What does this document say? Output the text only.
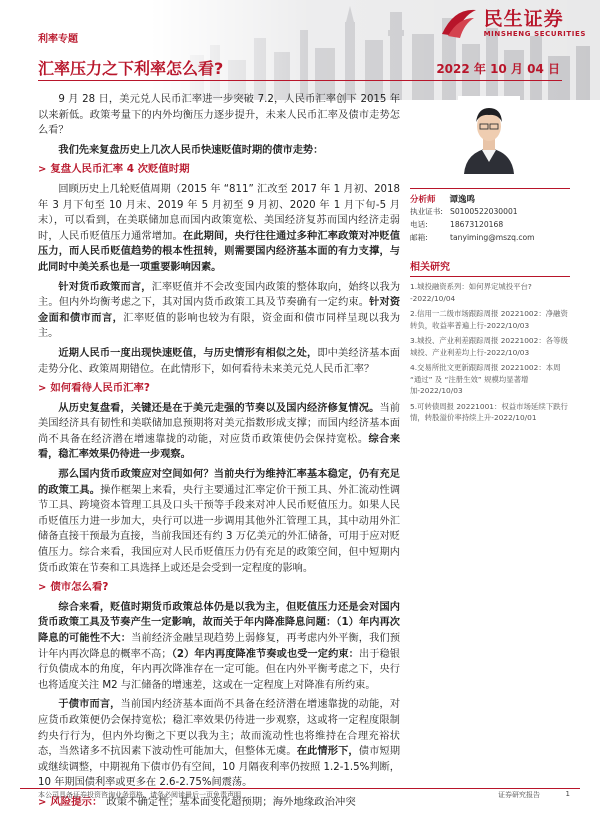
民生证券
MINSHENG SECURITIES
利率专题
汇率压力之下利率怎么看?	2022 年 10 月 04 日

9 月 28 日，美元兑人民币汇率进一步突破 7.2，人民币汇率创下 2015 年以来新低。政策考量下的内外均衡压力逐步提升，未来人民币汇率及债市走势怎么看？

我们先来复盘历史上几次人民币快速贬值时期的债市走势：

> 复盘人民币汇率 4 次贬值时期

回顾历史上几轮贬值周期（2015 年 “811” 汇改至 2017 年 1 月初、2018 年 3 月下旬至 10 月末、2019 年 5 月初至 9 月初、2020 年 1 月下旬-5 月末），可以看到，在美联储加息而国内政策宽松、美国经济复苏而国内经济走弱时，人民币贬值压力通常增加。在此期间，央行往往通过多种汇率政策对冲贬值压力，而人民币贬值趋势的根本性扭转，则需要国内经济基本面的有力支撑，与此同时中美关系也是一项重要影响因素。

针对货币政策而言，汇率贬值并不会改变国内政策的整体取向，始终以我为主。但内外均衡考虑之下，其对国内货币政策工具及节奏确有一定约束。针对资金面和债市而言，汇率贬值的影响也较为有限，资金面和债市同样呈现以我为主。

近期人民币一度出现快速贬值，与历史情形有相似之处，即中美经济基本面走势分化、政策周期错位。在此情形下，如何看待未来美元兑人民币汇率？

> 如何看待人民币汇率?

从历史复盘看，关键还是在于美元走强的节奏以及国内经济修复情况。当前美国经济具有韧性和美联储加息预期将对美元指数形成支撑；而国内经济基本面尚不具备在经济潜在增速靠拢的动能，对应货币政策使仍会保持宽松。综合来看，稳汇率效果仍待进一步观察。

那么国内货币政策应对空间如何？当前央行为维持汇率基本稳定，仍有充足的政策工具。操作框架上来看，央行主要通过汇率定价干预工具、外汇流动性调节工具、跨境资本管理工具及口头干预等手段来对冲人民币贬值压力。如果人民币贬值压力进一步加大，央行可以进一步调用其他外汇管理工具，其中动用外汇储备直接干预最为直接，当前我国还有约 3 万亿美元的外汇储备，可用于应对贬值压力。综合来看，我国应对人民币贬值压力仍有充足的政策空间，但中短期内货币政策在节奏和工具选择上或还是会受到一定程度的影响。

> 债市怎么看?

综合来看，贬值时期货币政策总体仍是以我为主，但贬值压力还是会对国内货币政策工具及节奏产生一定影响，故而关于年内降准降息问题：（1）年内再次降息的可能性不大：当前经济金融呈现趋势上弱修复，再考虑内外平衡，我们预计年内再次降息的概率不高；（2）年内再度降准节奏或也受一定约束：出于稳银行负债成本的角度，年内再次降准存在一定可能。但在内外平衡考虑之下，央行也将适度关注 M2 与汇储备的增速差，这或在一定程度上对降准有所约束。

于债市而言，当前国内经济基本面尚不具备在经济潜在增速靠拢的动能，对应货币政策便仍会保持宽松；稳汇率效果仍待进一步观察，这或将一定程度限制约央行行为，但内外均衡之下更以我为主；故而流动性也将维持在合理充裕状态，当然诸多不抗因素下波动性可能加大，但整体无虞。在此情形下，债市短期或继续调整，中期视角下债市仍有空间，10 月隔夜利率仍按照 1.2-1.5%判断，10 年期国债利率或更多在 2.6-2.75%间震荡。

> 风险提示： 政策不确定性；基本面变化超预期；海外地缘政治冲突
分析师 谭逸鸣
执业证书: S0100522030001
电话:	18673120168
邮箱:	tanyiming@mszq.com
相关研究
1.城投融资系列：如何界定城投平台? -2022/10/04
2.信用一二级市场跟踪周报 20221002：净融资转负，收益率普遍上行-2022/10/03
3.城投、产业利差跟踪周报 20221002：各等级城投、产业利差均上行-2022/10/03
4.交易所批文更新跟踪周报 20221002：本周 “通过” 及 “注册生效” 规模均显著增加-2022/10/03
5.可转债周报 20221001：权益市场延续下跌行情，转股溢价率持续上升-2022/10/01
本公司具备证券投资咨询业务资格，请务必阅读最后一页免责声明	证券研究报告	1
